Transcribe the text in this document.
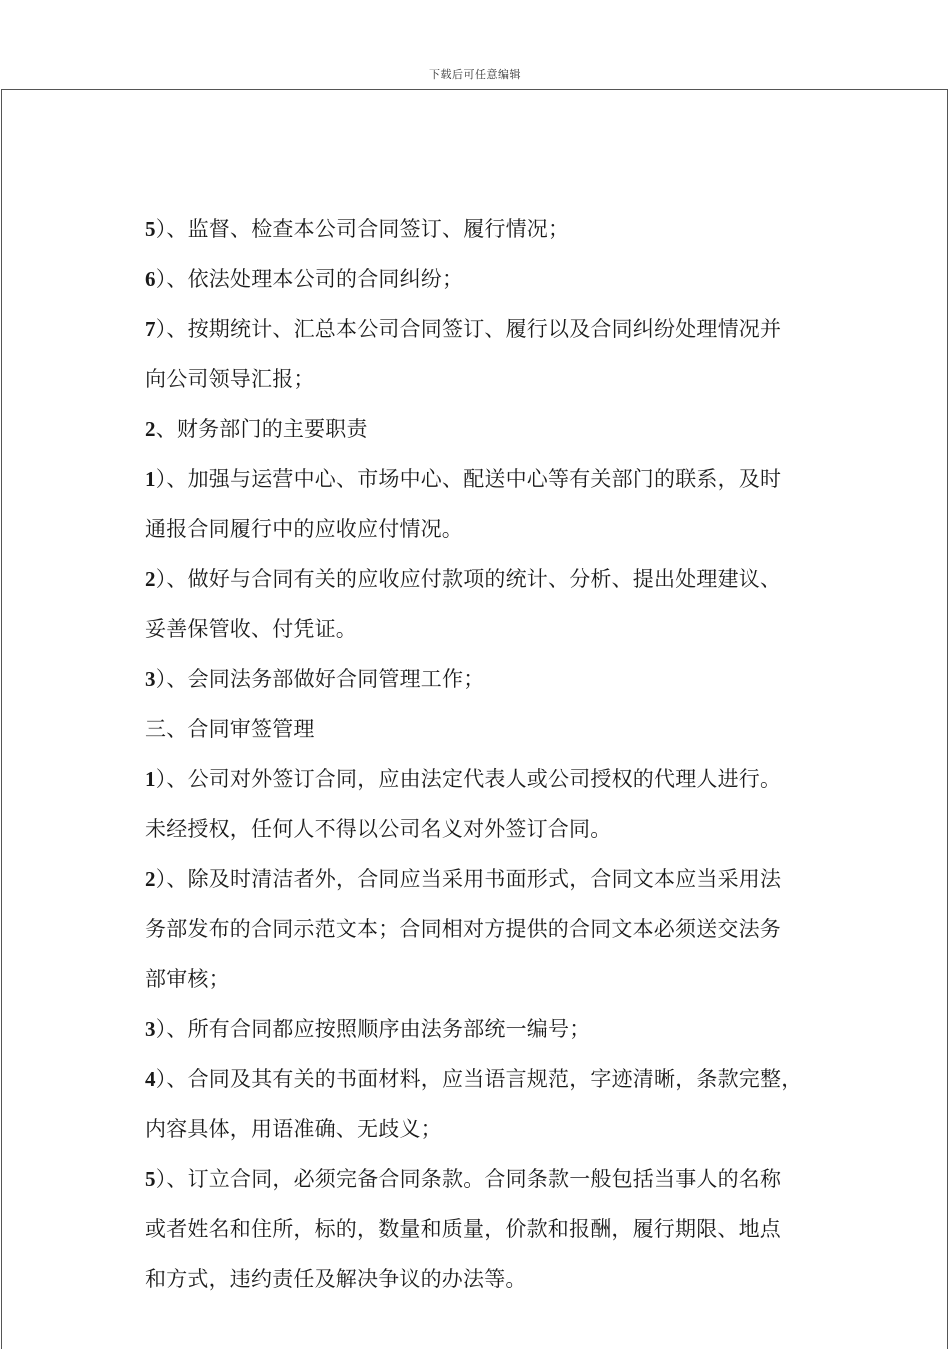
下载后可任意编辑
5）、监督、检查本公司合同签订、履行情况；
6）、依法处理本公司的合同纠纷；
7）、按期统计、汇总本公司合同签订、履行以及合同纠纷处理情况并
向公司领导汇报；
2、财务部门的主要职责
1）、加强与运营中心、市场中心、配送中心等有关部门的联系，及时
通报合同履行中的应收应付情况。
2）、做好与合同有关的应收应付款项的统计、分析、提出处理建议、
妥善保管收、付凭证。
3）、会同法务部做好合同管理工作；
三、合同审签管理
1）、公司对外签订合同，应由法定代表人或公司授权的代理人进行。
未经授权，任何人不得以公司名义对外签订合同。
2）、除及时清洁者外，合同应当采用书面形式，合同文本应当采用法
务部发布的合同示范文本；合同相对方提供的合同文本必须送交法务
部审核；
3）、所有合同都应按照顺序由法务部统一编号；
4）、合同及其有关的书面材料，应当语言规范，字迹清晰，条款完整，
内容具体，用语准确、无歧义；
5）、订立合同，必须完备合同条款。合同条款一般包括当事人的名称
或者姓名和住所，标的，数量和质量，价款和报酬，履行期限、地点
和方式，违约责任及解决争议的办法等。
